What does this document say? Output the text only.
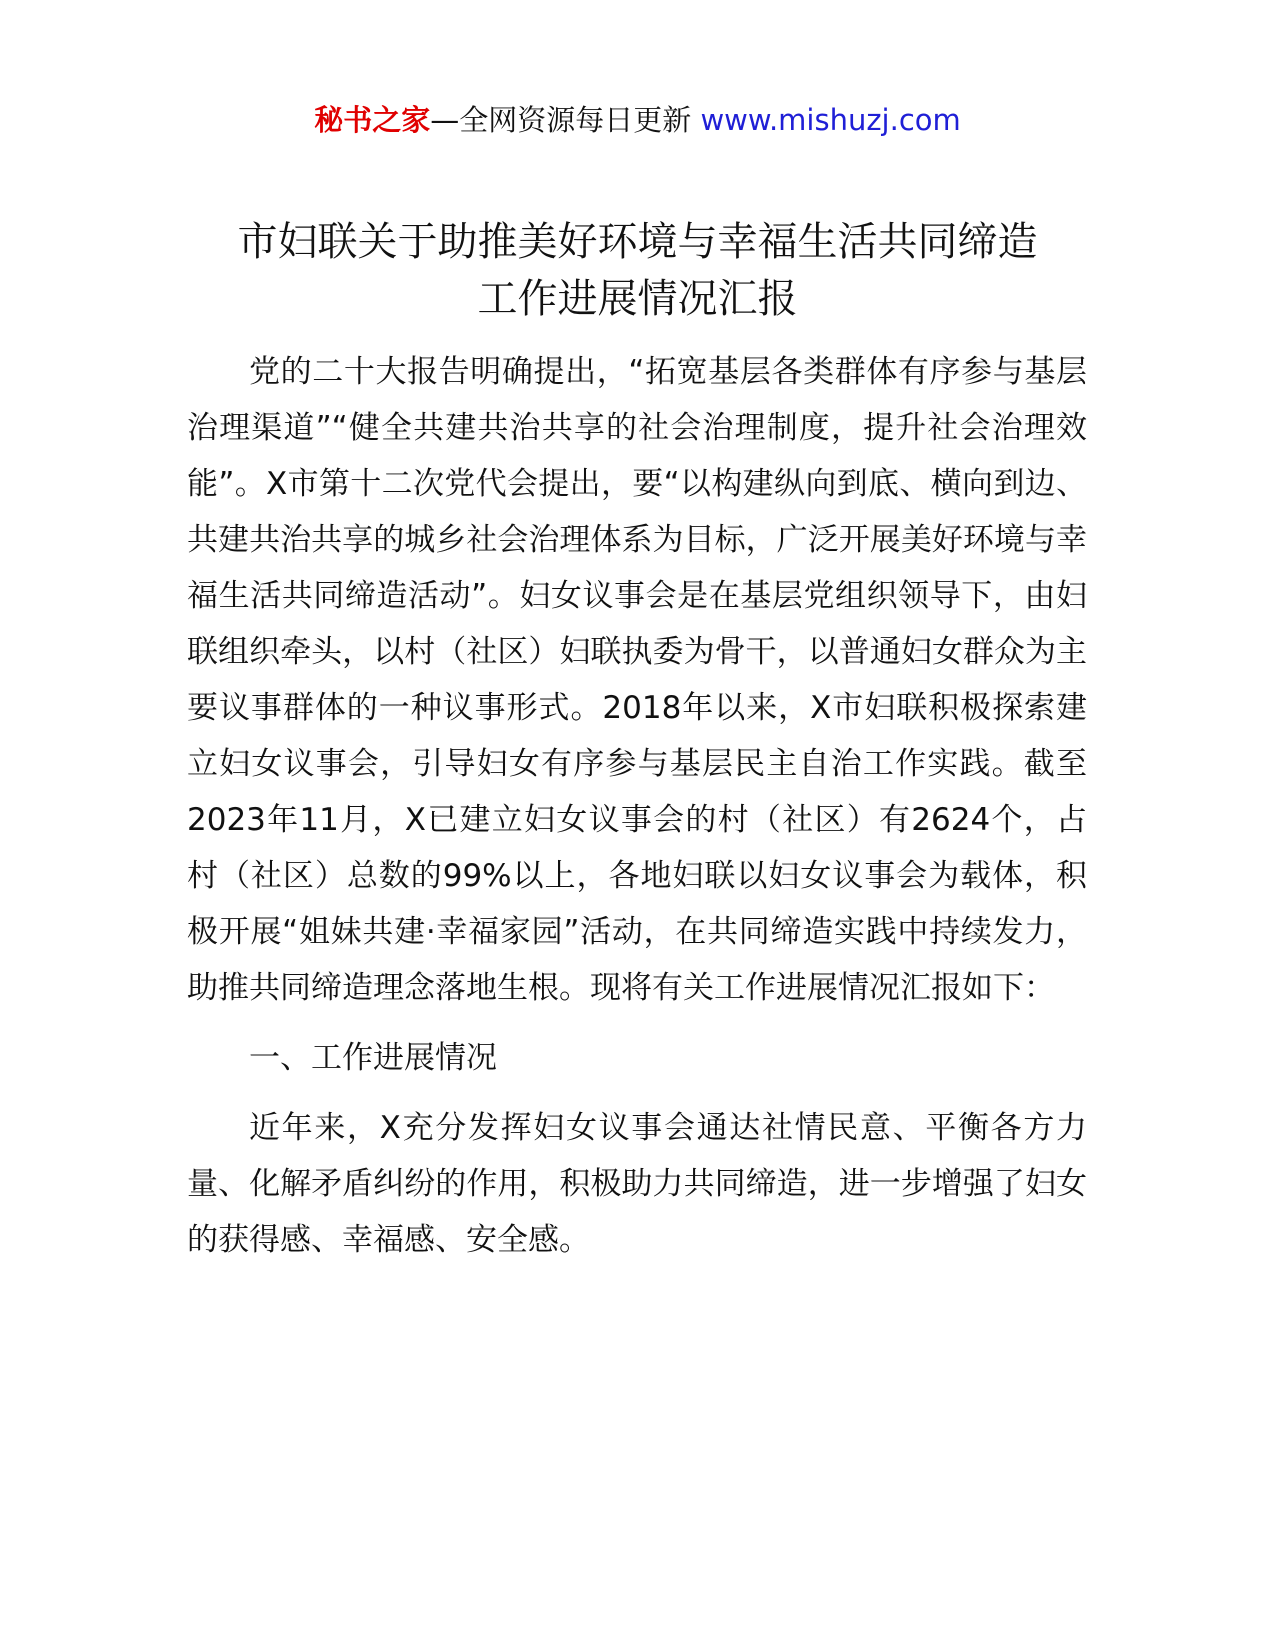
秘书之家—全网资源每日更新 www.mishuzj.com
市妇联关于助推美好环境与幸福生活共同缔造
工作进展情况汇报

党的二十大报告明确提出，“拓宽基层各类群体有序参与基层治理渠道”“健全共建共治共享的社会治理制度，提升社会治理效能”。X市第十二次党代会提出，要“以构建纵向到底、横向到边、共建共治共享的城乡社会治理体系为目标，广泛开展美好环境与幸福生活共同缔造活动”。妇女议事会是在基层党组织领导下，由妇联组织牵头，以村（社区）妇联执委为骨干，以普通妇女群众为主要议事群体的一种议事形式。2018年以来，X市妇联积极探索建立妇女议事会，引导妇女有序参与基层民主自治工作实践。截至2023年11月，X已建立妇女议事会的村（社区）有2624个，占村（社区）总数的99%以上，各地妇联以妇女议事会为载体，积极开展“姐妹共建·幸福家园”活动，在共同缔造实践中持续发力，助推共同缔造理念落地生根。现将有关工作进展情况汇报如下：

一、工作进展情况

近年来，X充分发挥妇女议事会通达社情民意、平衡各方力量、化解矛盾纠纷的作用，积极助力共同缔造，进一步增强了妇女的获得感、幸福感、安全感。
